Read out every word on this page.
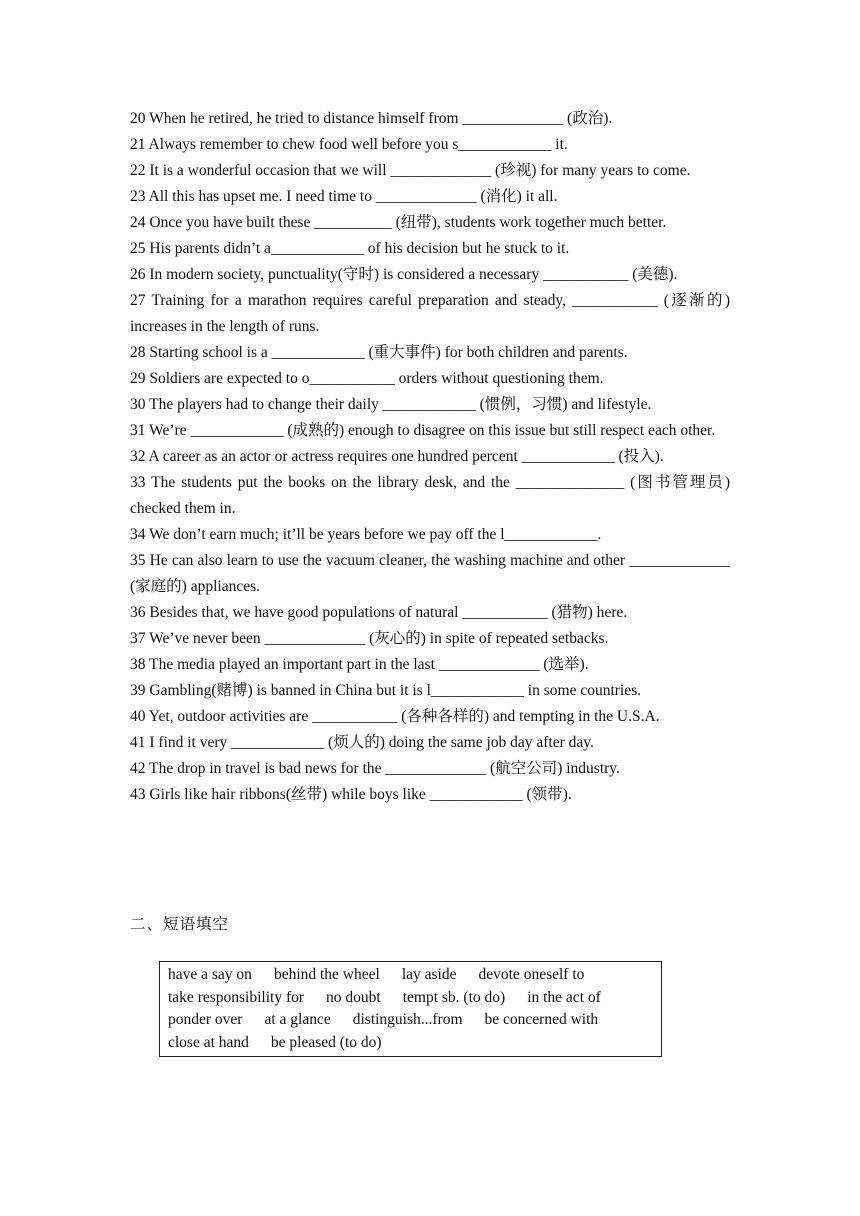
20 When he retired, he tried to distance himself from _____________ (政治).

21 Always remember to chew food well before you s____________ it.

22 It is a wonderful occasion that we will _____________ (珍视) for many years to come.

23 All this has upset me. I need time to _____________ (消化) it all.

24 Once you have built these __________ (纽带), students work together much better.

25 His parents didn’t a____________ of his decision but he stuck to it.

26 In modern society, punctuality(守时) is considered a necessary ___________ (美德).

27 Training for a marathon requires careful preparation and steady, ___________ (逐渐的) increases in the length of runs.

28 Starting school is a ____________ (重大事件) for both children and parents.

29 Soldiers are expected to o___________ orders without questioning them.

30 The players had to change their daily ____________ (惯例，习惯) and lifestyle.

31 We’re ____________ (成熟的) enough to disagree on this issue but still respect each other.

32 A career as an actor or actress requires one hundred percent ____________ (投入).

33 The students put the books on the library desk, and the ______________ (图书管理员) checked them in.

34 We don’t earn much; it’ll be years before we pay off the l____________.

35 He can also learn to use the vacuum cleaner, the washing machine and other _____________ (家庭的) appliances.

36 Besides that, we have good populations of natural ___________ (猎物) here.

37 We’ve never been _____________ (灰心的) in spite of repeated setbacks.

38 The media played an important part in the last _____________ (选举).

39 Gambling(赌博) is banned in China but it is l____________ in some countries.

40 Yet, outdoor activities are ___________ (各种各样的) and tempting in the U.S.A.

41 I find it very ____________ (烦人的) doing the same job day after day.

42 The drop in travel is bad news for the _____________ (航空公司) industry.

43 Girls like hair ribbons(丝带) while boys like ____________ (领带).

二、短语填空
have a say on behind the wheel lay aside devote oneself to
take responsibility for no doubt tempt sb. (to do) in the act of
ponder over at a glance distinguish...from be concerned with
close at hand be pleased (to do)
